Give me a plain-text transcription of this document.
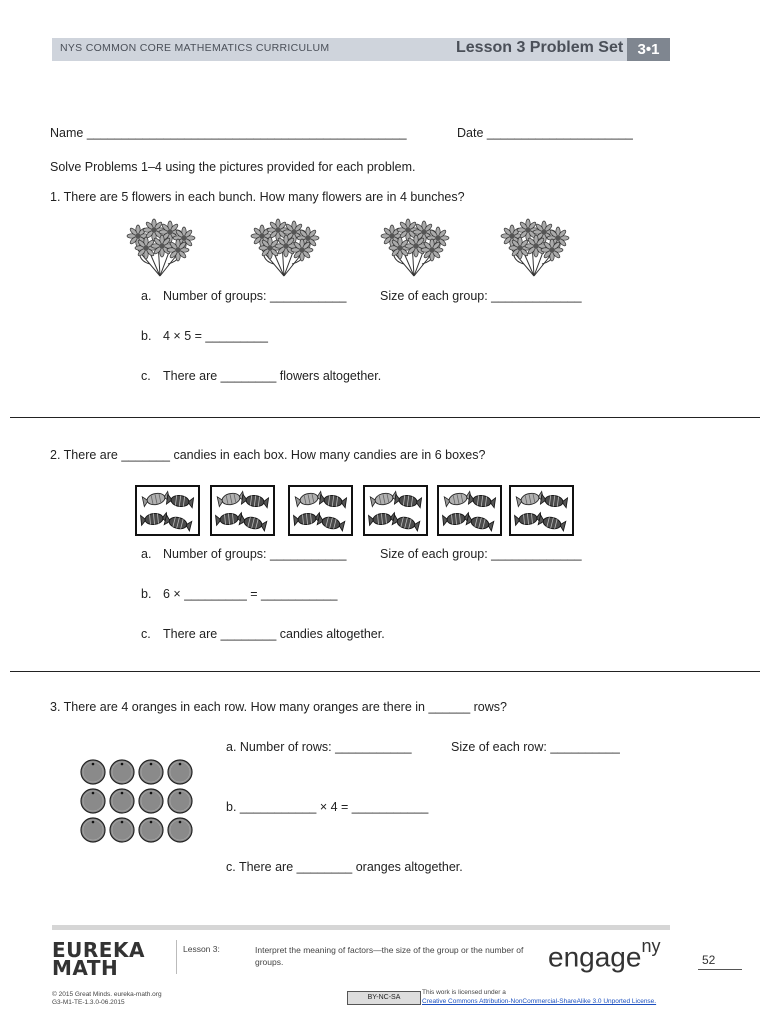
NYS COMMON CORE MATHEMATICS CURRICULUM	Lesson 3 Problem Set 3•1
Name ______________________________________________	Date _____________________
Solve Problems 1–4 using the pictures provided for each problem.
1. There are 5 flowers in each bunch. How many flowers are in 4 bunches?
a. Number of groups: ___________	Size of each group: _____________
b. 4 × 5 = _________
c. There are ________ flowers altogether.
2. There are _______ candies in each box. How many candies are in 6 boxes?
a. Number of groups: ___________	Size of each group: _____________
b. 6 × _________ = ___________
c. There are ________ candies altogether.
3. There are 4 oranges in each row. How many oranges are there in ______ rows?
a. Number of rows: ___________	Size of each row: __________
b. ___________ × 4 = ___________
c. There are ________ oranges altogether.
EUREKA
MATH
Lesson 3:	Interpret the meaning of factors—the size of the group or the number of groups.	engage$^{ny}$
52
© 2015 Great Minds. eureka-math.org
G3-M1-TE-1.3.0-06.2015
BY-NC-SA
This work is licensed under a
Creative Commons Attribution-NonCommercial-ShareAlike 3.0 Unported License.
